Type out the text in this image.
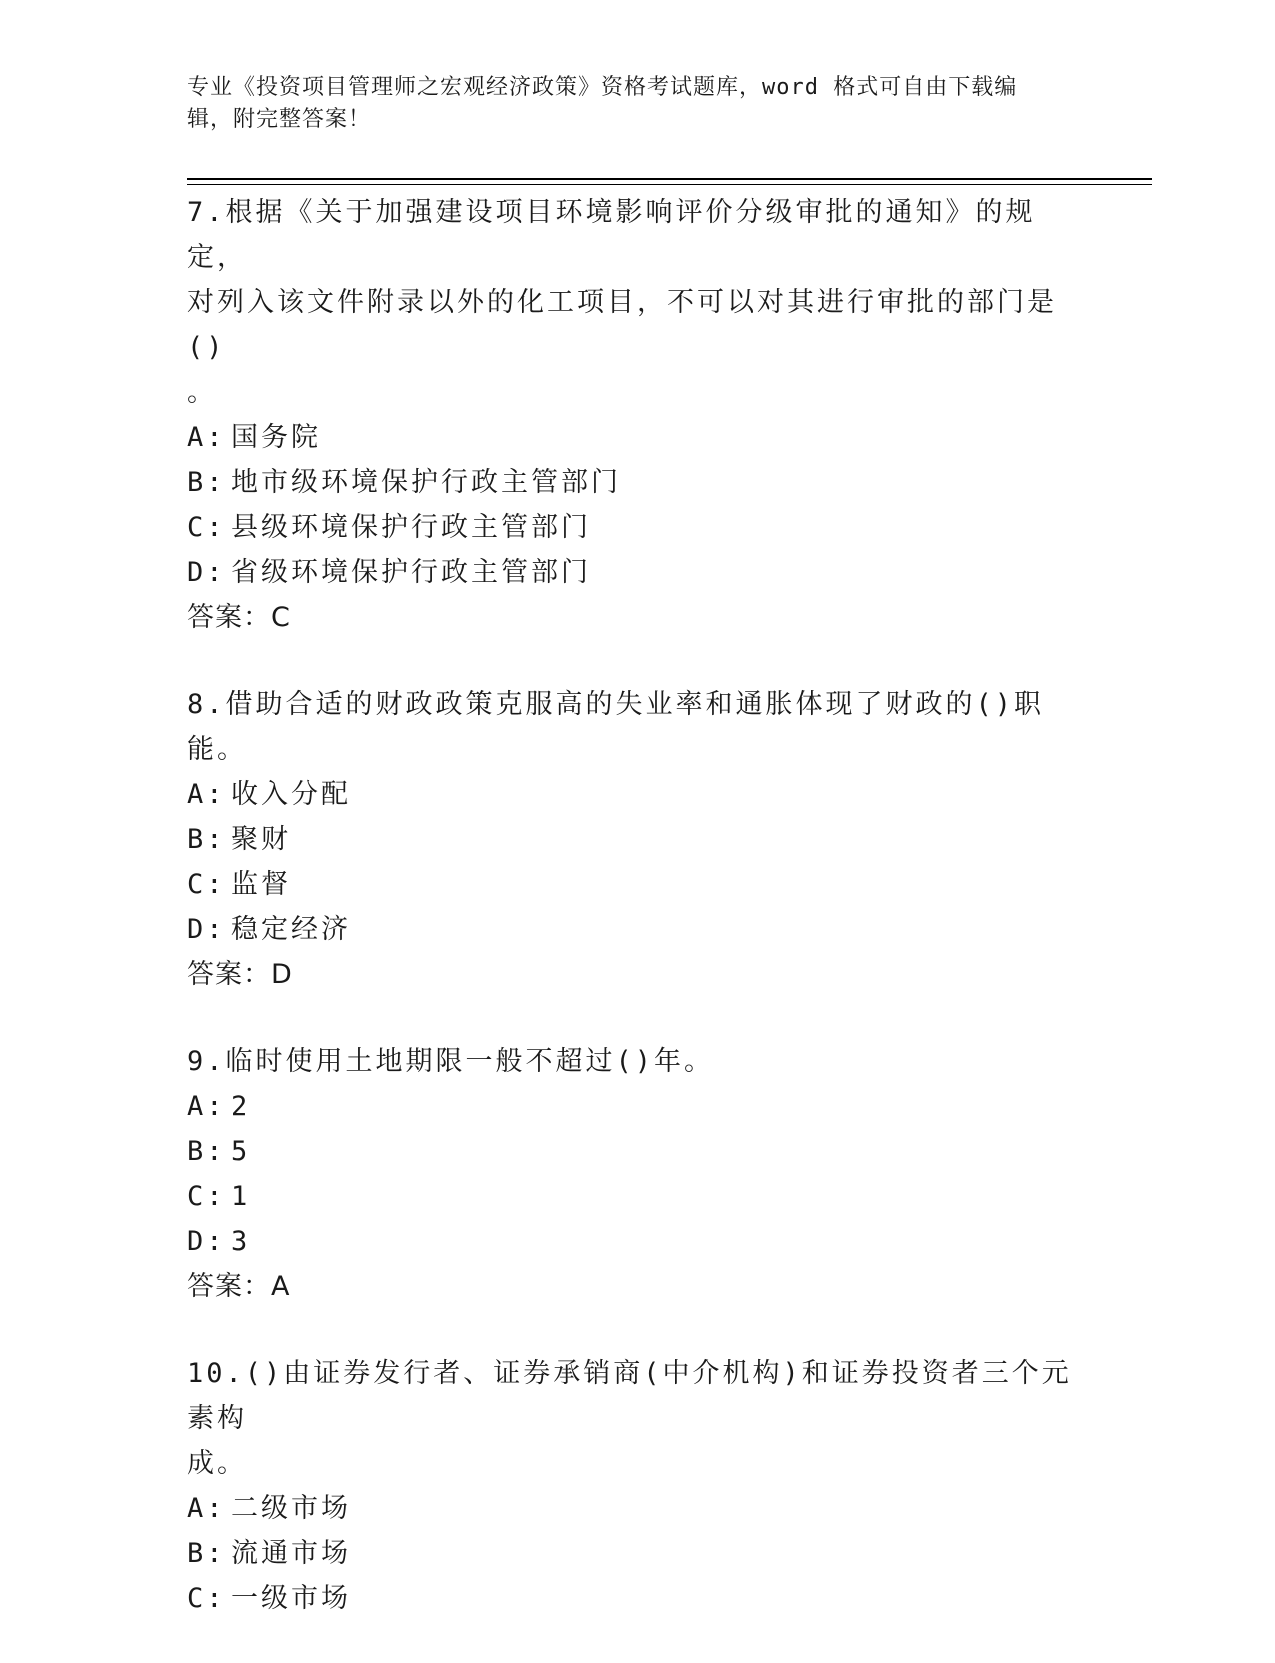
专业《投资项目管理师之宏观经济政策》资格考试题库，word 格式可自由下载编
辑，附完整答案！

7.根据《关于加强建设项目环境影响评价分级审批的通知》的规定，

对列入该文件附录以外的化工项目，不可以对其进行审批的部门是()

。

A: 国务院

B: 地市级环境保护行政主管部门

C: 县级环境保护行政主管部门

D: 省级环境保护行政主管部门

答案：C

8.借助合适的财政政策克服高的失业率和通胀体现了财政的()职能。

A: 收入分配

B: 聚财

C: 监督

D: 稳定经济

答案：D

9.临时使用土地期限一般不超过()年。

A: 2

B: 5

C: 1

D: 3

答案：A

10.()由证券发行者、证券承销商(中介机构)和证券投资者三个元素构

成。

A: 二级市场

B: 流通市场

C: 一级市场
